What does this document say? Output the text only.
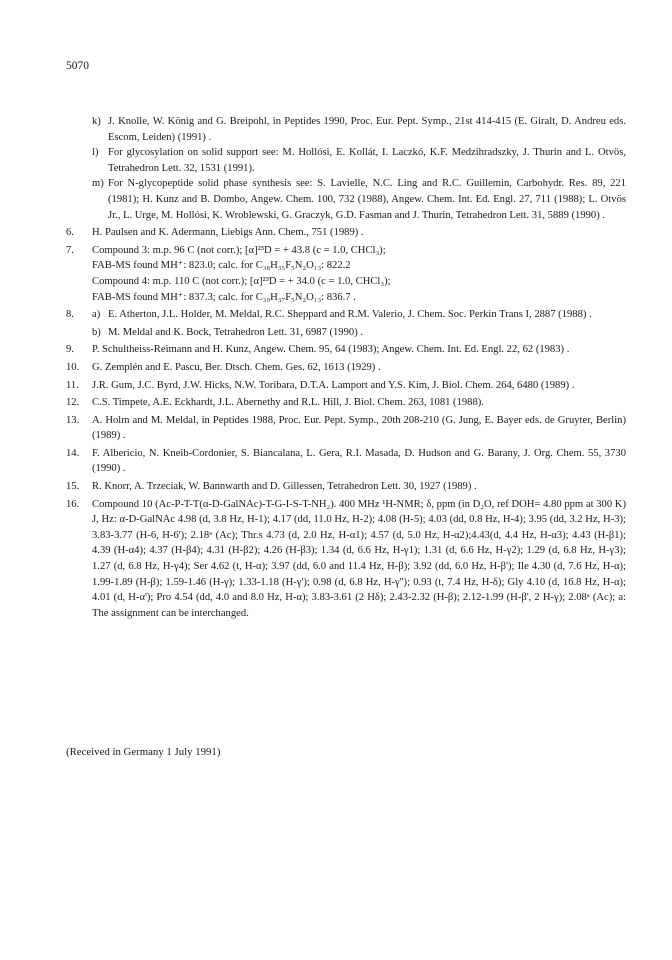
5070
k) J. Knolle, W. König and G. Breipohl, in Peptides 1990, Proc. Eur. Pept. Symp., 21st 414-415 (E. Giralt, D. Andreu eds. Escom, Leiden) (1991) .
l) For glycosylation on solid support see: M. Hollósi, E. Kollát, I. Laczkó, K.F. Medzihradszky, J. Thurin and L. Otvös, Tetrahedron Lett. 32, 1531 (1991).
m) For N-glycopeptide solid phase synthesis see: S. Lavielle, N.C. Ling and R.C. Guillemin, Carbohydr. Res. 89, 221 (1981); H. Kunz and B. Dombo, Angew. Chem. 100, 732 (1988), Angew. Chem. Int. Ed. Engl. 27, 711 (1988); L. Otvös Jr., L. Urge, M. Hollósi, K. Wroblewski, G. Graczyk, G.D. Fasman and J. Thurin, Tetrahedron Lett. 31, 5889 (1990) .
6.	H. Paulsen and K. Adermann, Liebigs Ann. Chem., 751 (1989) .
7.	Compound 3: m.p. 96 C (not corr.); [α]²³D = + 43.8 (c = 1.0, CHCl₃);
FAB-MS found MH⁺: 823.0; calc. for C₃₈H₃₅F₅N₂O₁₃: 822.2
Compound 4: m.p. 110 C (not corr.); [α]²³D = + 34.0 (c = 1.0, CHCl₃);
FAB-MS found MH⁺: 837.3; calc. for C₃₉H₃₇F₅N₂O₁₃: 836.7 .
8.	a) E. Atherton, J.L. Holder, M. Meldal, R.C. Sheppard and R.M. Valerio, J. Chem. Soc. Perkin Trans I, 2887 (1988) .
b) M. Meldal and K. Bock, Tetrahedron Lett. 31, 6987 (1990) .
9.	P. Schultheiss-Reimann and H. Kunz, Angew. Chem. 95, 64 (1983); Angew. Chem. Int. Ed. Engl. 22, 62 (1983) .
10.	G. Zemplén and E. Pascu, Ber. Dtsch. Chem. Ges. 62, 1613 (1929) .
11.	J.R. Gum, J.C. Byrd, J.W. Hicks, N.W. Toribara, D.T.A. Lamport and Y.S. Kim, J. Biol. Chem. 264, 6480 (1989) .
12.	C.S. Timpete, A.E. Eckhardt, J.L. Abernethy and R.L. Hill, J. Biol. Chem. 263, 1081 (1988).
13.	A. Holm and M. Meldal, in Peptides 1988, Proc. Eur. Pept. Symp., 20th 208-210 (G. Jung, E. Bayer eds. de Gruyter, Berlin) (1989) .
14.	F. Albericio, N. Kneib-Cordonier, S. Biancalana, L. Gera, R.I. Masada, D. Hudson and G. Barany, J. Org. Chem. 55, 3730 (1990) .
15.	R. Knorr, A. Trzeciak, W. Bannwarth and D. Gillessen, Tetrahedron Lett. 30, 1927 (1989) .
16.	Compound 10 (Ac-P-T-T(α-D-GalNAc)-T-G-I-S-T-NH₂). 400 MHz ¹H-NMR; δ, ppm (in D₂O, ref DOH= 4.80 ppm at 300 K) J, Hz: α-D-GalNAc 4.98 (d, 3.8 Hz, H-1); 4.17 (dd, 11.0 Hz, H-2); 4.08 (H-5); 4.03 (dd, 0.8 Hz, H-4); 3.95 (dd, 3.2 Hz, H-3); 3.83-3.77 (H-6, H-6'); 2.18ᵃ (Ac); Thr.s 4.73 (d, 2.0 Hz, H-α1); 4.57 (d, 5.0 Hz, H-α2);4.43(d, 4.4 Hz, H-α3); 4.43 (H-β1); 4.39 (H-α4); 4.37 (H-β4); 4.31 (H-β2); 4.26 (H-β3); 1.34 (d, 6.6 Hz, H-γ1); 1.31 (d, 6.6 Hz, H-γ2); 1.29 (d, 6.8 Hz, H-γ3); 1.27 (d, 6.8 Hz, H-γ4); Ser 4.62 (t, H-α); 3.97 (dd, 6.0 and 11.4 Hz, H-β); 3.92 (dd, 6.0 Hz, H-β'); Ile 4.30 (d, 7.6 Hz, H-α); 1.99-1.89 (H-β); 1.59-1.46 (H-γ); 1.33-1.18 (H-γ'); 0.98 (d, 6.8 Hz, H-γ''); 0.93 (t, 7.4 Hz, H-δ); Gly 4.10 (d, 16.8 Hz, H-α); 4.01 (d, H-α'); Pro 4.54 (dd, 4.0 and 8.0 Hz, H-α); 3.83-3.61 (2 Hδ); 2.43-2.32 (H-β); 2.12-1.99 (H-β', 2 H-γ); 2.08ᵃ (Ac); a: The assignment can be interchanged.
(Received in Germany 1 July 1991)
